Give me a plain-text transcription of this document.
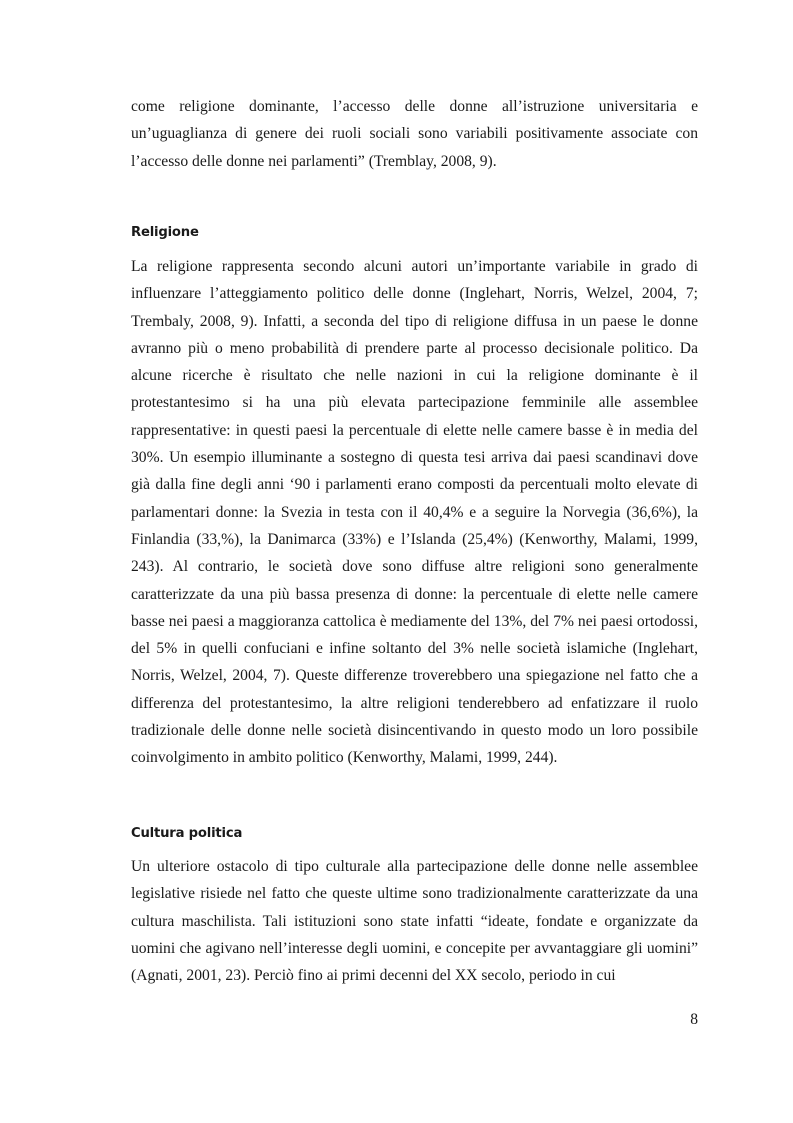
come religione dominante, l’accesso delle donne all’istruzione universitaria e un’uguaglianza di genere dei ruoli sociali sono variabili positivamente associate con l’accesso delle donne nei parlamenti” (Tremblay, 2008, 9).

Religione

La religione rappresenta secondo alcuni autori un’importante variabile in grado di influenzare l’atteggiamento politico delle donne (Inglehart, Norris, Welzel, 2004, 7; Trembaly, 2008, 9). Infatti, a seconda del tipo di religione diffusa in un paese le donne avranno più o meno probabilità di prendere parte al processo decisionale politico. Da alcune ricerche è risultato che nelle nazioni in cui la religione dominante è il protestantesimo si ha una più elevata partecipazione femminile alle assemblee rappresentative: in questi paesi la percentuale di elette nelle camere basse è in media del 30%. Un esempio illuminante a sostegno di questa tesi arriva dai paesi scandinavi dove già dalla fine degli anni ‘90 i parlamenti erano composti da percentuali molto elevate di parlamentari donne: la Svezia in testa con il 40,4% e a seguire la Norvegia (36,6%), la Finlandia (33,%), la Danimarca (33%) e l’Islanda (25,4%) (Kenworthy, Malami, 1999, 243). Al contrario, le società dove sono diffuse altre religioni sono generalmente caratterizzate da una più bassa presenza di donne: la percentuale di elette nelle camere basse nei paesi a maggioranza cattolica è mediamente del 13%, del 7% nei paesi ortodossi, del 5% in quelli confuciani e infine soltanto del 3% nelle società islamiche (Inglehart, Norris, Welzel, 2004, 7). Queste differenze troverebbero una spiegazione nel fatto che a differenza del protestantesimo, la altre religioni tenderebbero ad enfatizzare il ruolo tradizionale delle donne nelle società disincentivando in questo modo un loro possibile coinvolgimento in ambito politico (Kenworthy, Malami, 1999, 244).

Cultura politica

Un ulteriore ostacolo di tipo culturale alla partecipazione delle donne nelle assemblee legislative risiede nel fatto che queste ultime sono tradizionalmente caratterizzate da una cultura maschilista. Tali istituzioni sono state infatti “ideate, fondate e organizzate da uomini che agivano nell’interesse degli uomini, e concepite per avvantaggiare gli uomini” (Agnati, 2001, 23). Perciò fino ai primi decenni del XX secolo, periodo in cui

8
